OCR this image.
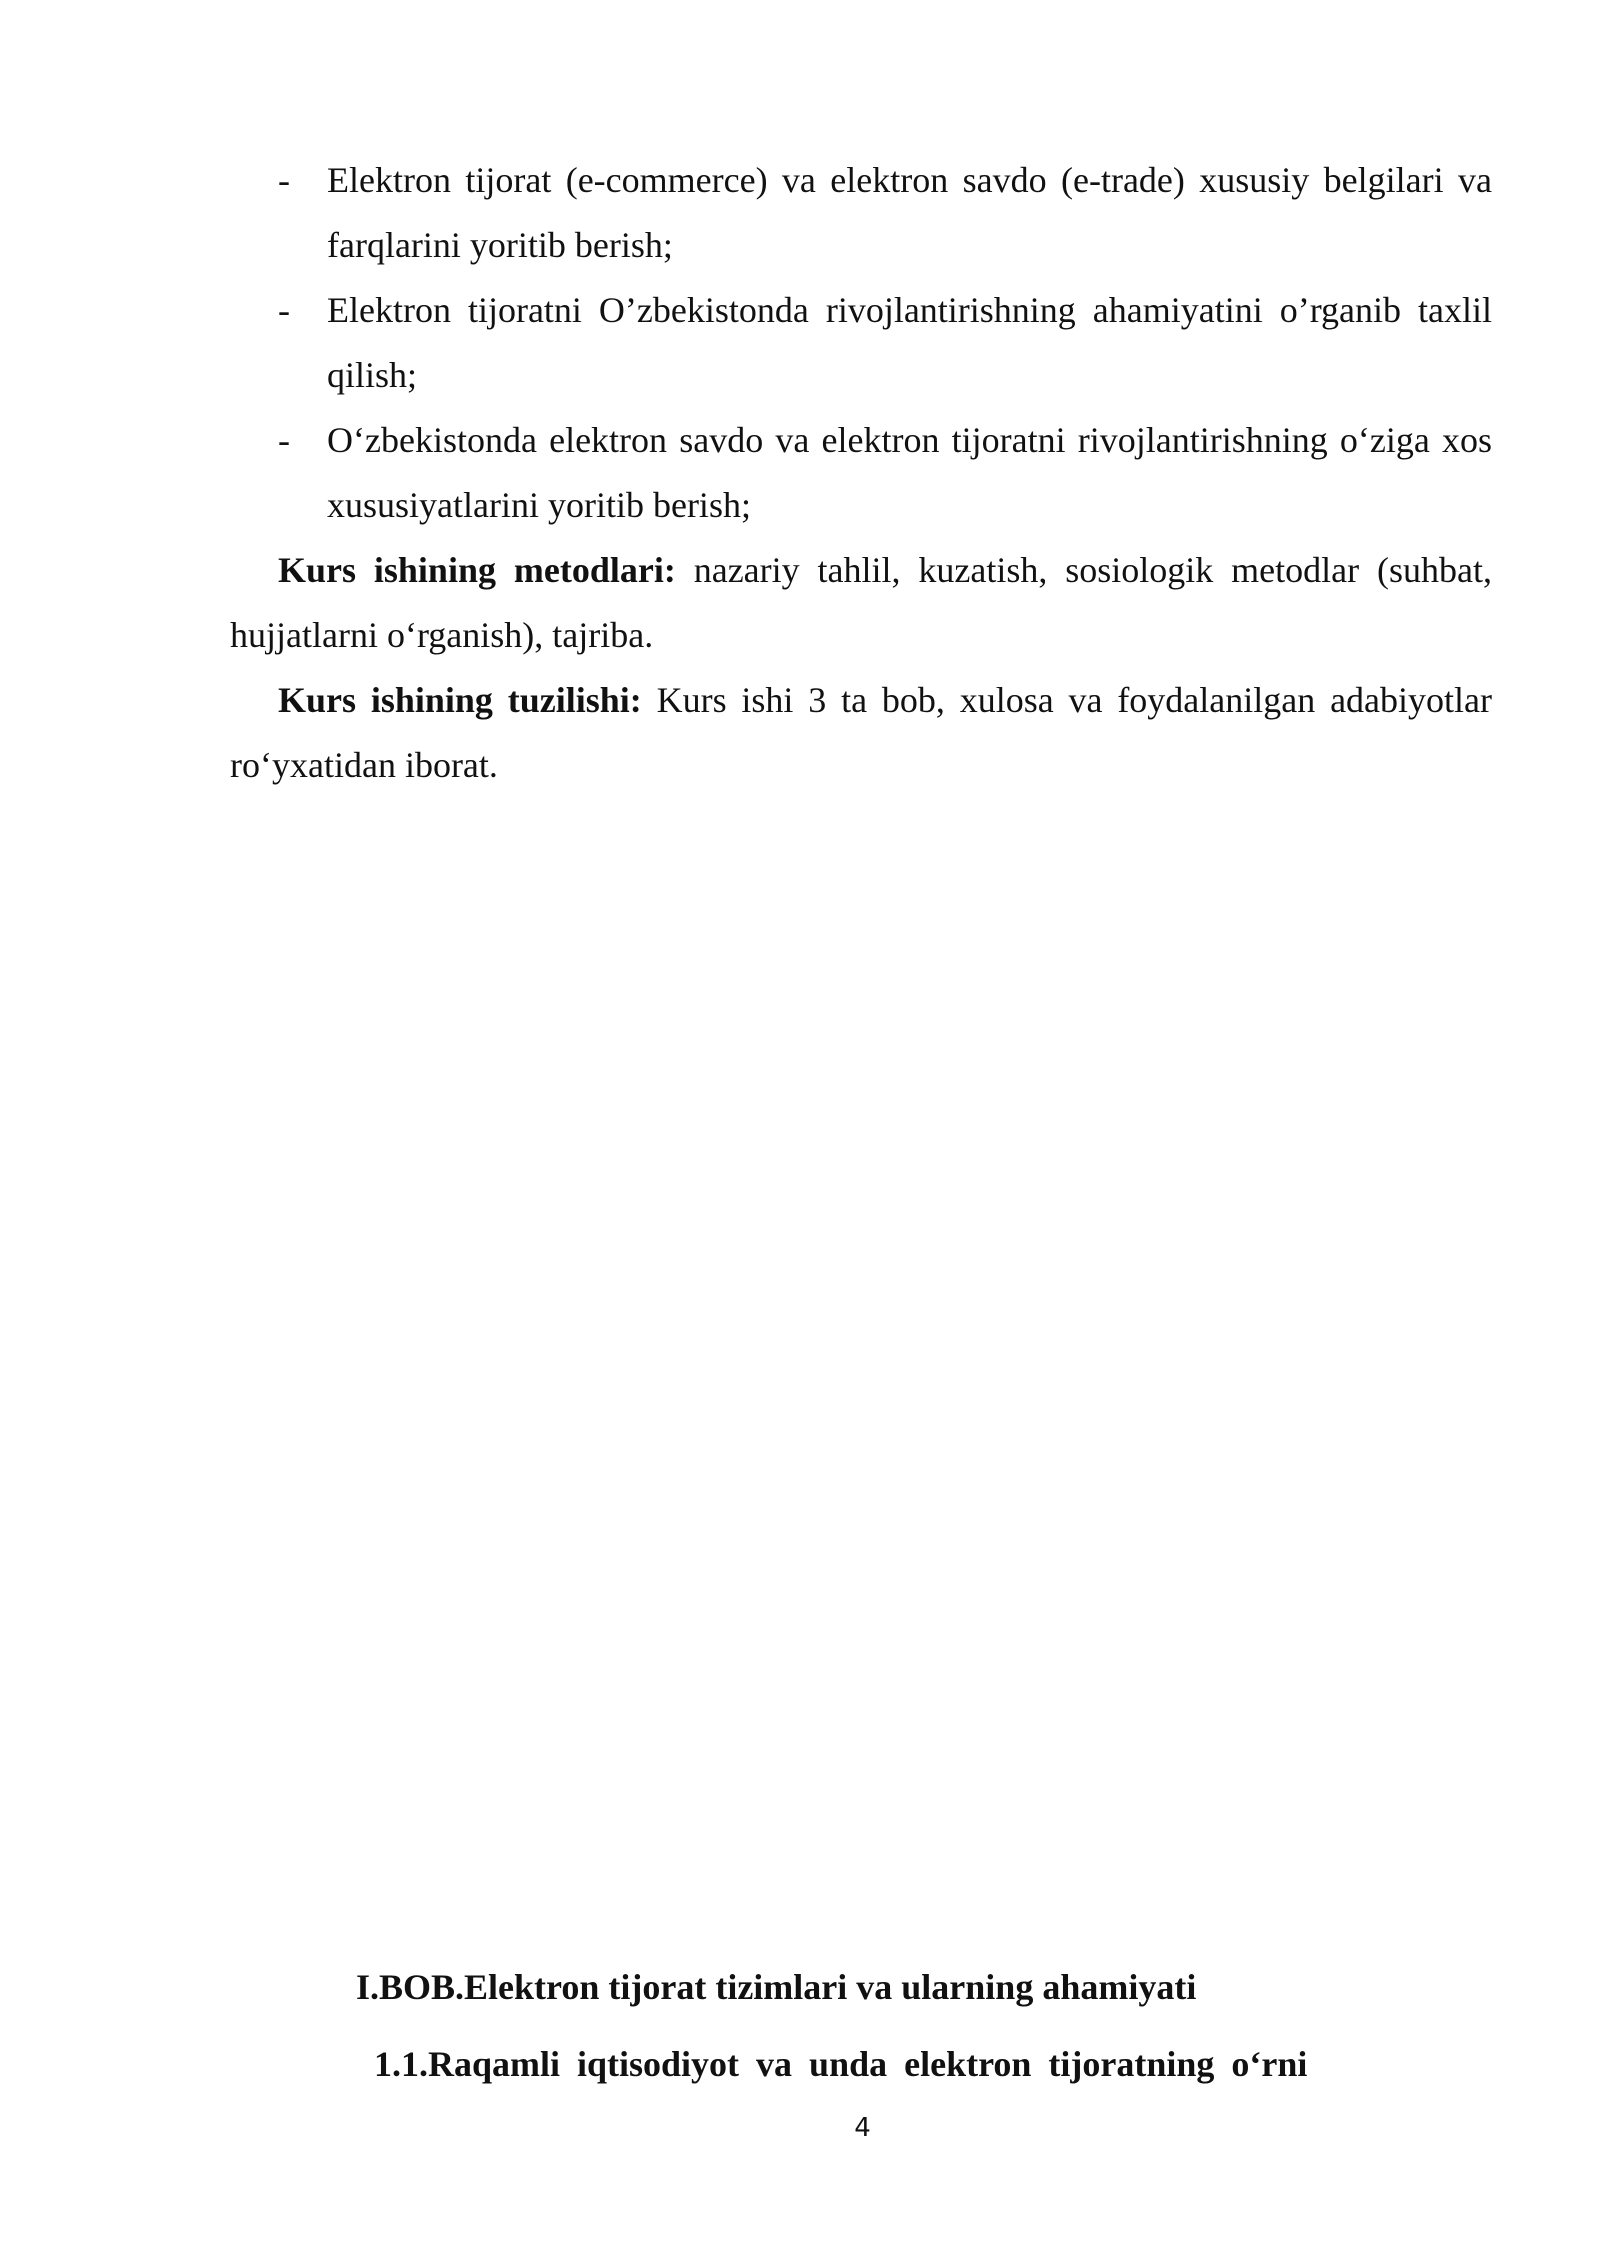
- Elektron tijorat (e-commerce) va elektron savdo (e-trade) xususiy belgilari va farqlarini yoritib berish;
- Elektron tijoratni O’zbekistonda rivojlantirishning ahamiyatini o’rganib taxlil qilish;
- O‘zbekistonda elektron savdo va elektron tijoratni rivojlantirishning o‘ziga xos xususiyatlarini yoritib berish;

Kurs ishining metodlari: nazariy tahlil, kuzatish, sosiologik metodlar (suhbat, hujjatlarni o‘rganish), tajriba.

Kurs ishining tuzilishi: Kurs ishi 3 ta bob, xulosa va foydalanilgan adabiyotlar ro‘yxatidan iborat.

I.BOB.Elektron tijorat tizimlari va ularning ahamiyati
1.1.Raqamli iqtisodiyot va unda elektron tijoratning o‘rni
4
